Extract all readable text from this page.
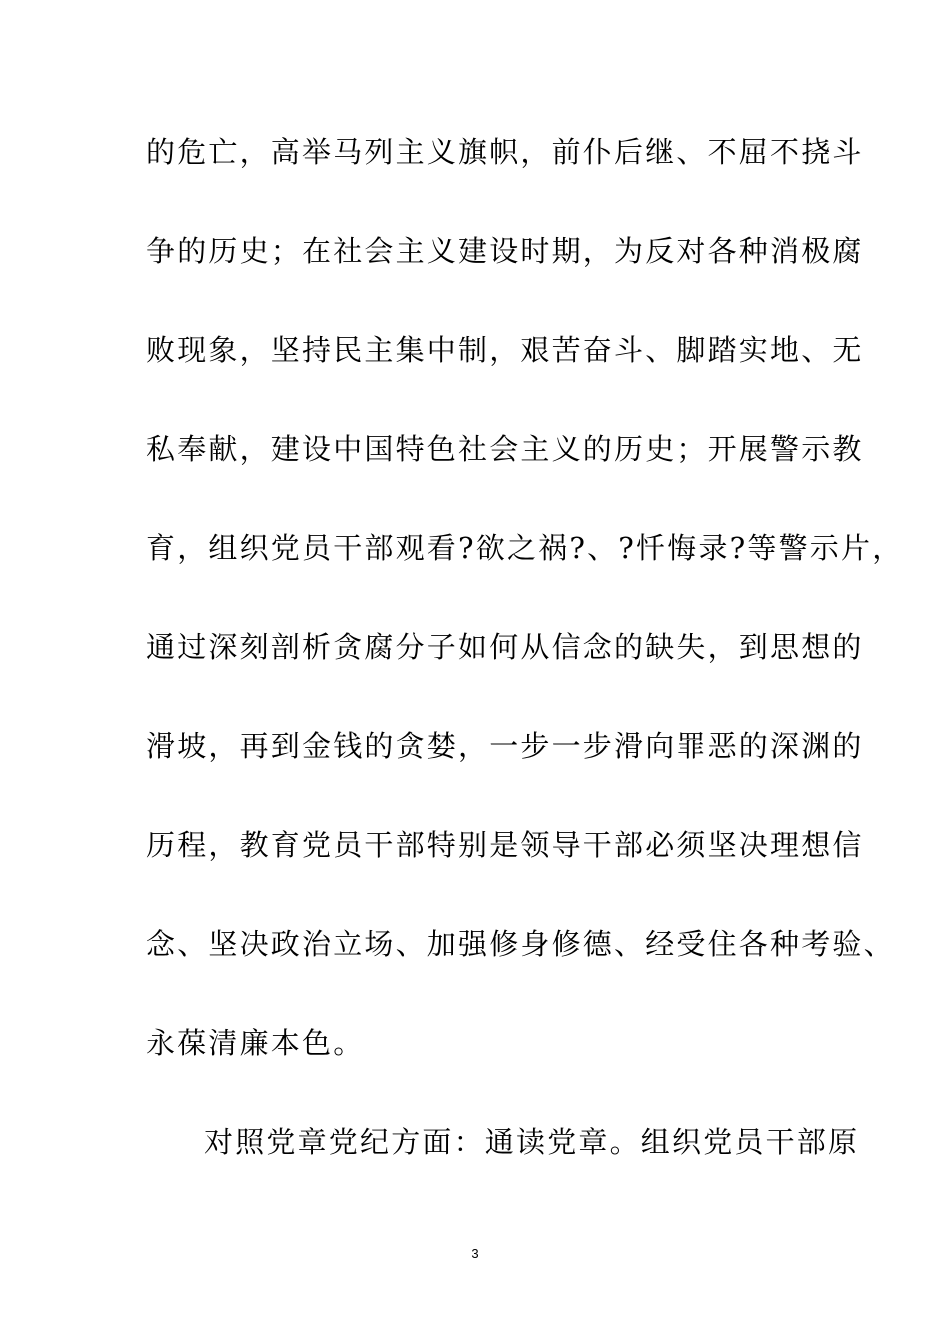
的危亡，高举马列主义旗帜，前仆后继、不屈不挠斗
争的历史；在社会主义建设时期，为反对各种消极腐
败现象，坚持民主集中制，艰苦奋斗、脚踏实地、无
私奉献，建设中国特色社会主义的历史；开展警示教
育，组织党员干部观看?欲之祸?、?忏悔录?等警示片，
通过深刻剖析贪腐分子如何从信念的缺失，到思想的
滑坡，再到金钱的贪婪，一步一步滑向罪恶的深渊的
历程，教育党员干部特别是领导干部必须坚决理想信
念、坚决政治立场、加强修身修德、经受住各种考验、
永葆清廉本色。
对照党章党纪方面：通读党章。组织党员干部原
3
